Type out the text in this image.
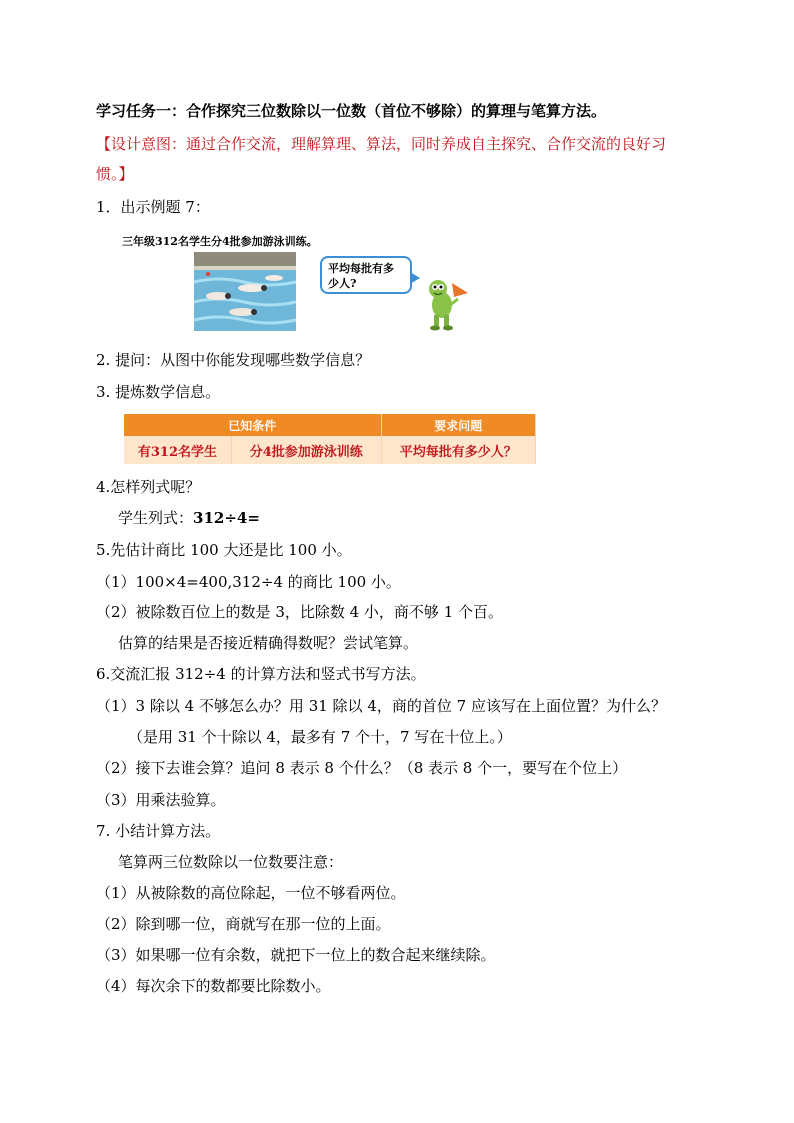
学习任务一：合作探究三位数除以一位数（首位不够除）的算理与笔算方法。
【设计意图：通过合作交流，理解算理、算法，同时养成自主探究、合作交流的良好习
惯。】
1．出示例题 7：
三年级312名学生分4批参加游泳训练。
平均每批有多少人?
2. 提问：从图中你能发现哪些数学信息？
3. 提炼数学信息。
已知条件		要求问题
有312名学生	分4批参加游泳训练	平均每批有多少人？
4.怎样列式呢？
学生列式：312÷4=
5.先估计商比 100 大还是比 100 小。
（1）100×4=400,312÷4 的商比 100 小。
（2）被除数百位上的数是 3，比除数 4 小，商不够 1 个百。
估算的结果是否接近精确得数呢？尝试笔算。
6.交流汇报 312÷4 的计算方法和竖式书写方法。
（1）3 除以 4 不够怎么办？用 31 除以 4，商的首位 7 应该写在上面位置？为什么？
（是用 31 个十除以 4，最多有 7 个十，7 写在十位上。）
（2）接下去谁会算？追问 8 表示 8 个什么？（8 表示 8 个一，要写在个位上）
（3）用乘法验算。
7. 小结计算方法。
笔算两三位数除以一位数要注意：
（1）从被除数的高位除起，一位不够看两位。
（2）除到哪一位，商就写在那一位的上面。
（3）如果哪一位有余数，就把下一位上的数合起来继续除。
（4）每次余下的数都要比除数小。
